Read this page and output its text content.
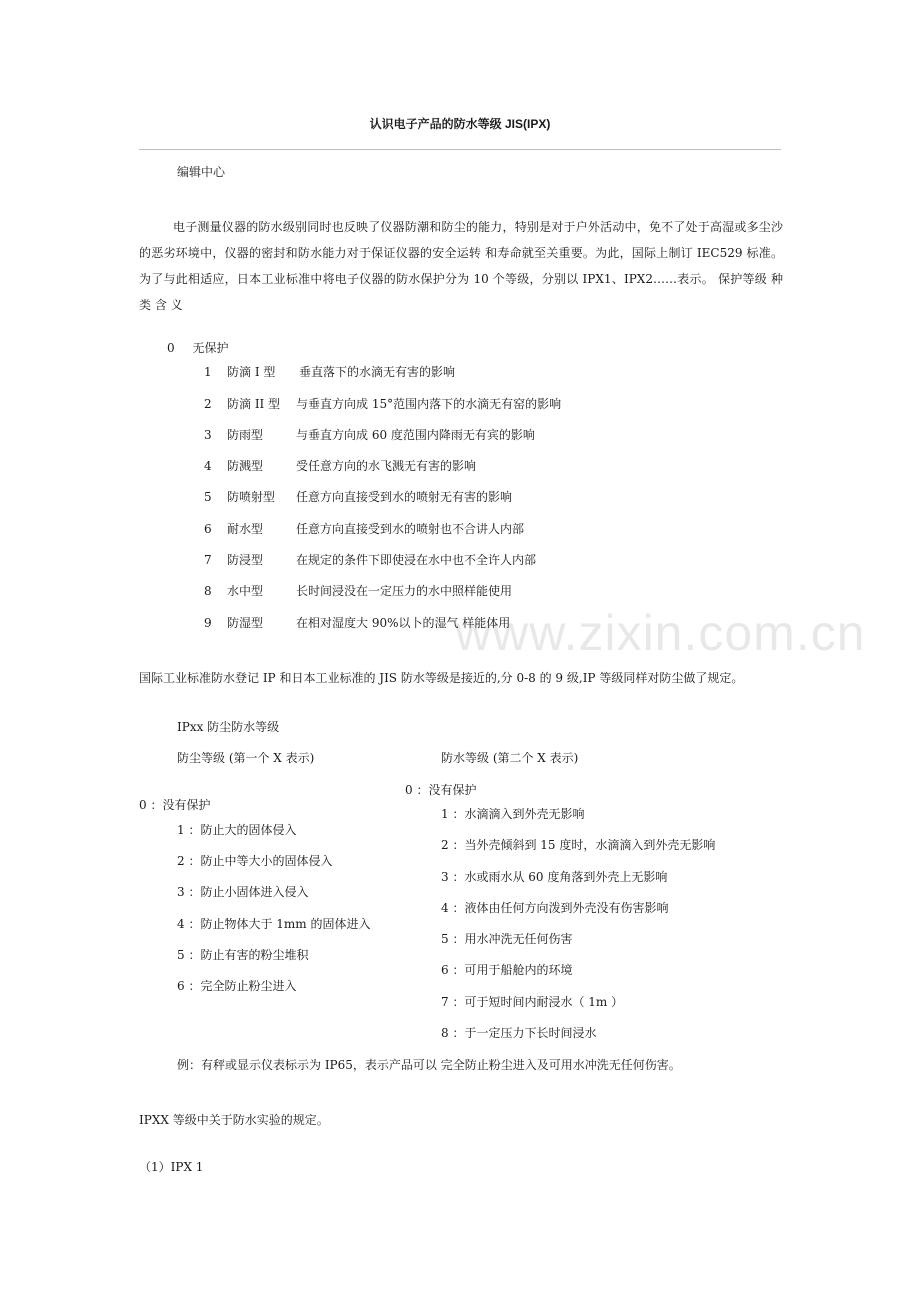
认识电子产品的防水等级 JIS(IPX)
编辑中心
电子测量仪器的防水级别同时也反映了仪器防潮和防尘的能力，特别是对于户外活动中，免不了处于高湿或多尘沙的恶劣环境中，仪器的密封和防水能力对于保证仪器的安全运转 和寿命就至关重要。为此，国际上制订 IEC529 标准。为了与此相适应，日本工业标准中将电子仪器的防水保护分为 10 个等级，分别以 IPX1、IPX2……表示。 保护等级 种类 含 义
0 无保护
1 防滴 I 型 垂直落下的水滴无有害的影响
2 防滴 II 型 与垂直方向成 15°范围内落下的水滴无有窑的影响
3 防雨型	与垂直方向成 60 度范围内降雨无有宾的影响
4 防溅型	受任意方向的水飞溅无有害的影响
5 防喷射型 任意方向直接受到水的喷射无有害的影响
6 耐水型	任意方向直接受到水的喷射也不合讲人内部
7 防浸型	在规定的条件下即使浸在水中也不全许人内部
8 水中型	长时间浸没在一定压力的水中照样能使用
9 防湿型	在相对湿度大 90%以卜的湿气 样能体用
www.zixin.com.cn
国际工业标准防水登记 IP 和日本工业标准的 JIS 防水等级是接近的,分 0-8 的 9 级,IP 等级同样对防尘做了规定。
IPxx 防尘防水等级
防尘等级 (第一个 X 表示)	防水等级 (第二个 X 表示)
0 ：没有保护
1 ：防止大的固体侵入
2 ：防止中等大小的固体侵入
3 ：防止小固体进入侵入
4 ：防止物体大于 1mm 的固体进入
5 ：防止有害的粉尘堆积
6 ：完全防止粉尘进入
0 ：没有保护
1 ：水滴滴入到外壳无影响
2 ：当外壳倾斜到 15 度时，水滴滴入到外壳无影响
3 ：水或雨水从 60 度角落到外壳上无影响
4 ：液体由任何方向泼到外壳没有伤害影响
5 ：用水冲洗无任何伤害
6 ：可用于船舱内的环境
7 ：可于短时间内耐浸水（ 1m ）
8 ：于一定压力下长时间浸水
例：有秤或显示仪表标示为 IP65，表示产品可以 完全防止粉尘进入及可用水冲洗无任何伤害。
IPXX 等级中关于防水实验的规定。
（1）IPX 1
